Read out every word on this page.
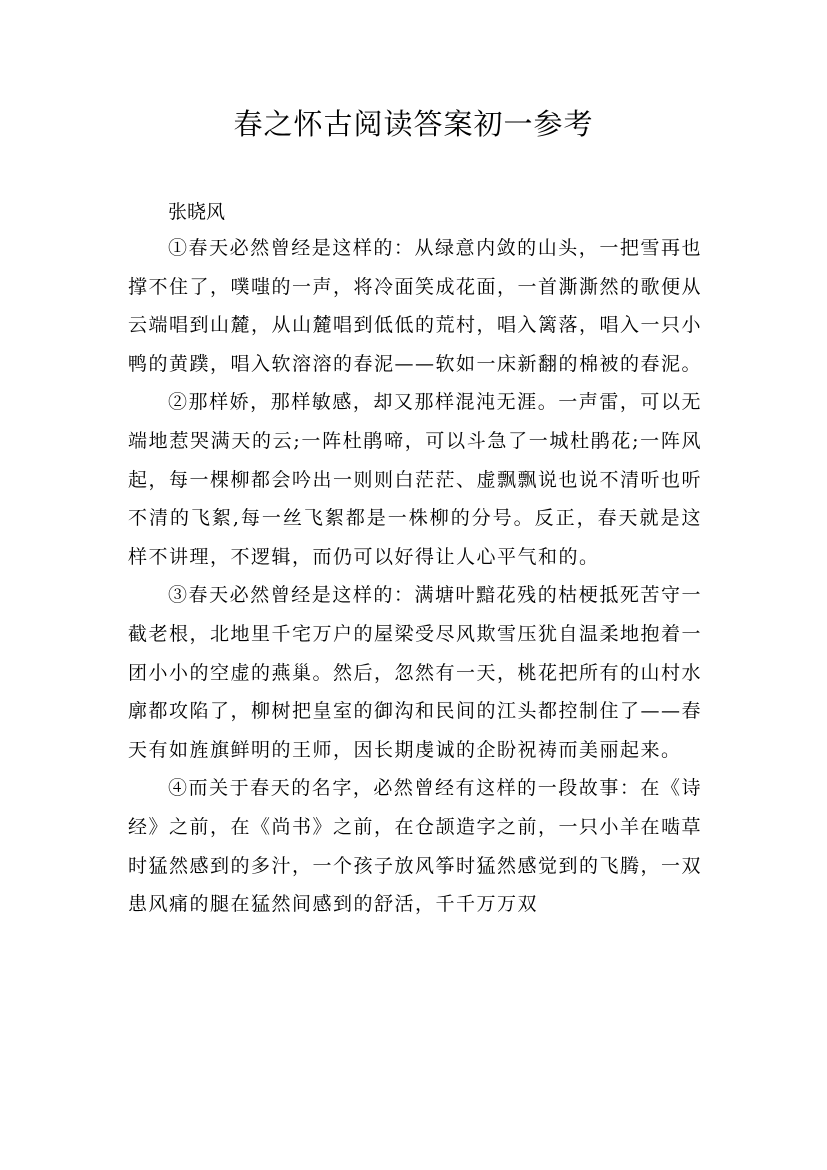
春之怀古阅读答案初一参考

张晓风

①春天必然曾经是这样的：从绿意内敛的山头，一把雪再也撑不住了，噗嗤的一声，将冷面笑成花面，一首澌澌然的歌便从云端唱到山麓，从山麓唱到低低的荒村，唱入篱落，唱入一只小鸭的黄蹼，唱入软溶溶的春泥——软如一床新翻的棉被的春泥。

②那样娇，那样敏感，却又那样混沌无涯。一声雷，可以无端地惹哭满天的云;一阵杜鹃啼，可以斗急了一城杜鹃花;一阵风起，每一棵柳都会吟出一则则白茫茫、虚飘飘说也说不清听也听不清的飞絮,每一丝飞絮都是一株柳的分号。反正，春天就是这样不讲理，不逻辑，而仍可以好得让人心平气和的。

③春天必然曾经是这样的：满塘叶黯花残的枯梗抵死苦守一截老根，北地里千宅万户的屋梁受尽风欺雪压犹自温柔地抱着一团小小的空虚的燕巢。然后，忽然有一天，桃花把所有的山村水廓都攻陷了，柳树把皇室的御沟和民间的江头都控制住了——春天有如旌旗鲜明的王师，因长期虔诚的企盼祝祷而美丽起来。

④而关于春天的名字，必然曾经有这样的一段故事：在《诗经》之前，在《尚书》之前，在仓颉造字之前，一只小羊在啮草时猛然感到的多汁，一个孩子放风筝时猛然感觉到的飞腾，一双患风痛的腿在猛然间感到的舒活，千千万万双
